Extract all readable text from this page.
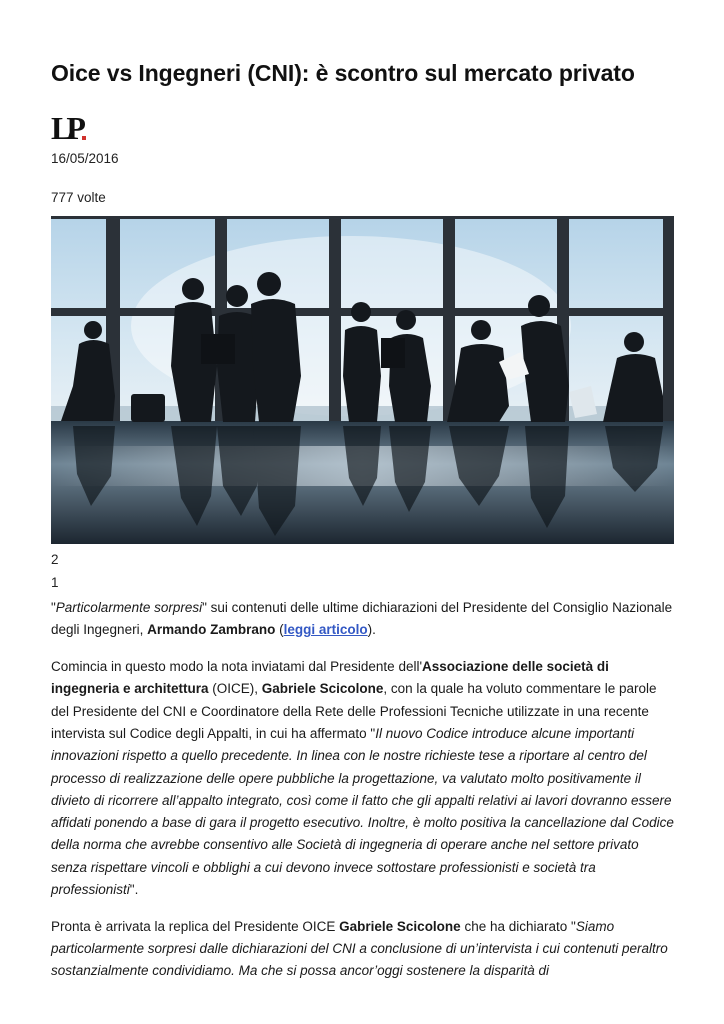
Oice vs Ingegneri (CNI): è scontro sul mercato privato
LP
16/05/2016
777 volte
2
1

"Particolarmente sorpresi" sui contenuti delle ultime dichiarazioni del Presidente del Consiglio Nazionale degli Ingegneri, Armando Zambrano (leggi articolo).

Comincia in questo modo la nota inviatami dal Presidente dell'Associazione delle società di ingegneria e architettura (OICE), Gabriele Scicolone, con la quale ha voluto commentare le parole del Presidente del CNI e Coordinatore della Rete delle Professioni Tecniche utilizzate in una recente intervista sul Codice degli Appalti, in cui ha affermato "Il nuovo Codice introduce alcune importanti innovazioni rispetto a quello precedente. In linea con le nostre richieste tese a riportare al centro del processo di realizzazione delle opere pubbliche la progettazione, va valutato molto positivamente il divieto di ricorrere all’appalto integrato, così come il fatto che gli appalti relativi ai lavori dovranno essere affidati ponendo a base di gara il progetto esecutivo. Inoltre, è molto positiva la cancellazione dal Codice della norma che avrebbe consentivo alle Società di ingegneria di operare anche nel settore privato senza rispettare vincoli e obblighi a cui devono invece sottostare professionisti e società tra professionisti".

Pronta è arrivata la replica del Presidente OICE Gabriele Scicolone che ha dichiarato "Siamo particolarmente sorpresi dalle dichiarazioni del CNI a conclusione di un’intervista i cui contenuti peraltro sostanzialmente condividiamo. Ma che si possa ancor’oggi sostenere la disparità di
